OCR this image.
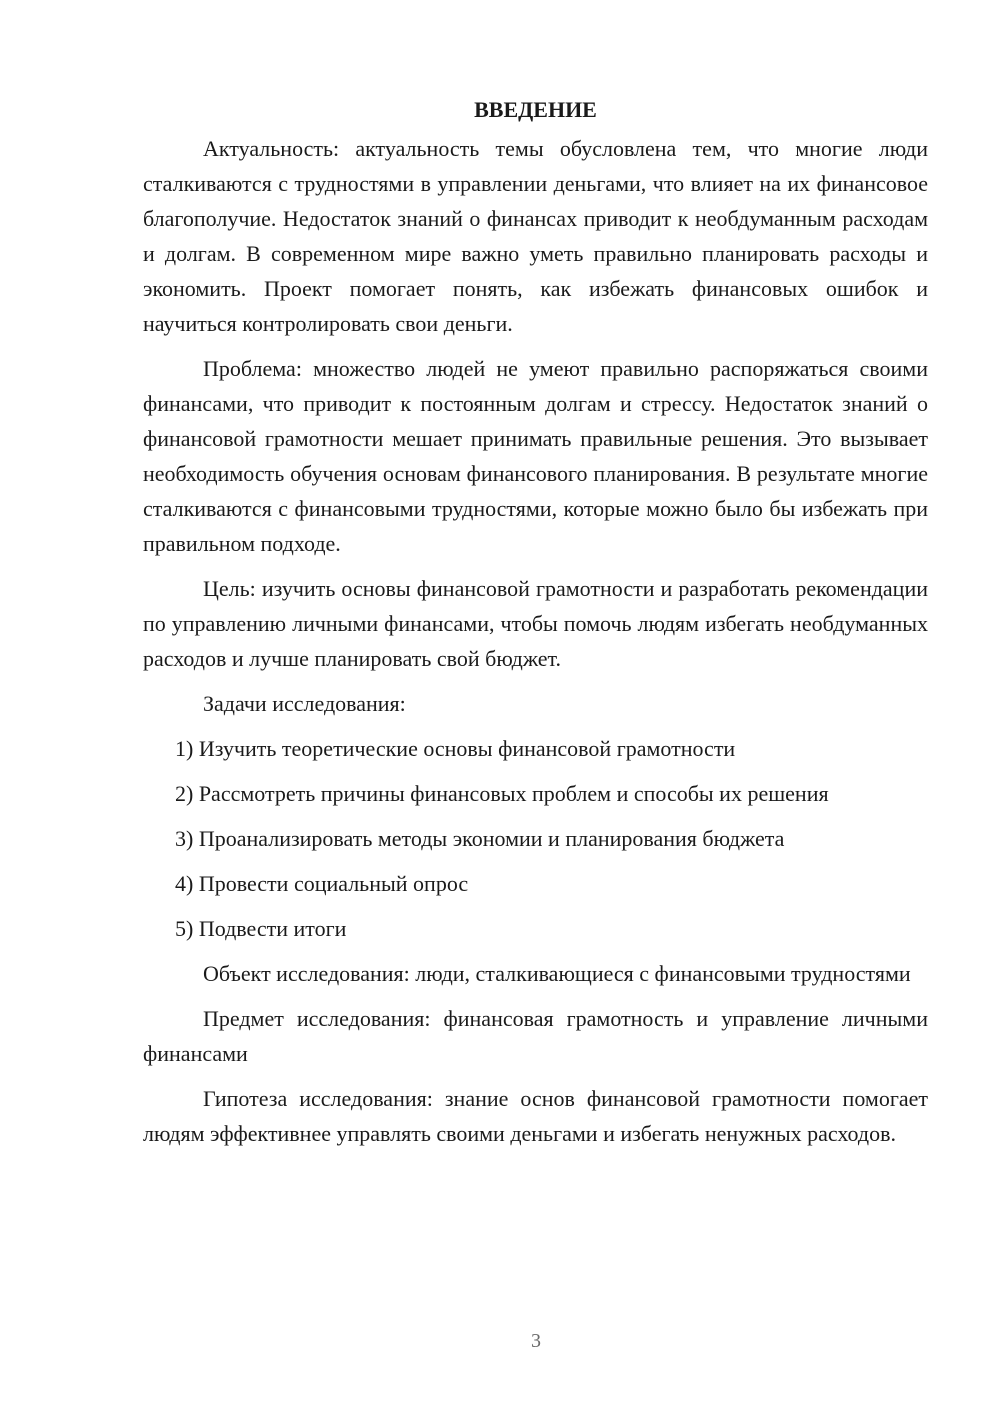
ВВЕДЕНИЕ

Актуальность: актуальность темы обусловлена тем, что многие люди сталкиваются с трудностями в управлении деньгами, что влияет на их финансовое благополучие. Недостаток знаний о финансах приводит к необдуманным расходам и долгам. В современном мире важно уметь правильно планировать расходы и экономить. Проект помогает понять, как избежать финансовых ошибок и научиться контролировать свои деньги.

Проблема: множество людей не умеют правильно распоряжаться своими финансами, что приводит к постоянным долгам и стрессу. Недостаток знаний о финансовой грамотности мешает принимать правильные решения. Это вызывает необходимость обучения основам финансового планирования. В результате многие сталкиваются с финансовыми трудностями, которые можно было бы избежать при правильном подходе.

Цель: изучить основы финансовой грамотности и разработать рекомендации по управлению личными финансами, чтобы помочь людям избегать необдуманных расходов и лучше планировать свой бюджет.

Задачи исследования:

1) Изучить теоретические основы финансовой грамотности
2) Рассмотреть причины финансовых проблем и способы их решения
3) Проанализировать методы экономии и планирования бюджета
4) Провести социальный опрос
5) Подвести итоги

Объект исследования: люди, сталкивающиеся с финансовыми трудностями

Предмет исследования: финансовая грамотность и управление личными финансами

Гипотеза исследования: знание основ финансовой грамотности помогает людям эффективнее управлять своими деньгами и избегать ненужных расходов.

3
